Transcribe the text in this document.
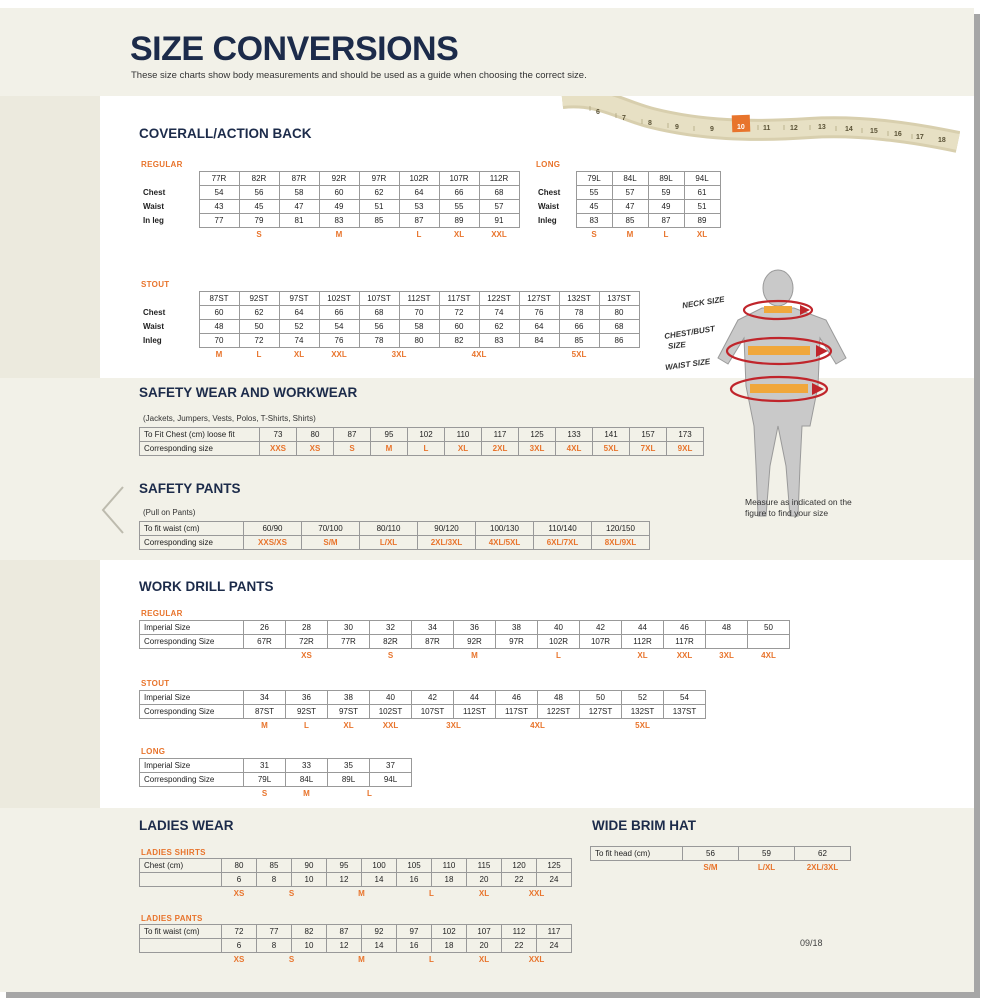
SIZE CONVERSIONS
These size charts show body measurements and should be used as a guide when choosing the correct size.
6
7
8
9	9	10	11	12	13	14 15 16 17 18
COVERALL/ACTION BACK
REGULAR
	77R	82R	87R	92R	97R	102R	107R	112R
Chest	54	56	58	60	62	64	66	68
Waist	43	45	47	49	51	53	55	57
In leg	77	79	81	83	85	87	89	91
		S		M		L	XL	XXL
LONG
	79L	84L	89L	94L
Chest	55	57	59	61
Waist	45	47	49	51
Inleg	83	85	87	89
	S	M	L	XL
STOUT
	87ST	92ST	97ST	102ST	107ST	112ST	117ST	122ST	127ST	132ST	137ST
Chest	60	62	64	66	68	70	72	74	76	78	80
Waist	48	50	52	54	56	58	60	62	64	66	68
Inleg	70	72	74	76	78	80	82	83	84	85	86
	M	L	XL	XXL	3XL		4XL		5XL		
SAFETY WEAR AND WORKWEAR
(Jackets, Jumpers, Vests, Polos, T-Shirts, Shirts)
To Fit Chest (cm) loose fit	73	80	87	95	102	110	117	125	133	141	157	173
Corresponding size	XXS	XS	S	M	L	XL	2XL	3XL	4XL	5XL	7XL	9XL
SAFETY PANTS
(Pull on Pants)
To fit waist (cm)	60/90	70/100	80/110	90/120	100/130	110/140	120/150
Corresponding size	XXS/XS	S/M	L/XL	2XL/3XL	4XL/5XL	6XL/7XL	8XL/9XL
NECK SIZE
CHEST/BUST
SIZE
WAIST SIZE
Measure as indicated on the figure to find your size
WORK DRILL PANTS
REGULAR
Imperial Size	26	28	30	32	34	36	38	40	42	44	46	48	50
Corresponding Size	67R	72R	77R	82R	87R	92R	97R	102R	107R	112R	117R		
		XS		S		M		L		XL	XXL	3XL	4XL
STOUT
Imperial Size	34	36	38	40	42	44	46	48	50	52	54
Corresponding Size	87ST	92ST	97ST	102ST	107ST	112ST	117ST	122ST	127ST	132ST	137ST
	M	L	XL	XXL	3XL		4XL		5XL		
LONG
Imperial Size	31	33	35	37
Corresponding Size	79L	84L	89L	94L
	S	M	L	
LADIES WEAR
LADIES SHIRTS
Chest (cm)	80	85	90	95	100	105	110	115	120	125
	6	8	10	12	14	16	18	20	22	24
	XS	S		M		L		XL	XXL	
LADIES PANTS
To fit waist (cm)	72	77	82	87	92	97	102	107	112	117
	6	8	10	12	14	16	18	20	22	24
	XS	S		M		L		XL	XXL	
WIDE BRIM HAT
To fit head (cm)	56	59	62
	S/M	L/XL	2XL/3XL
09/18
